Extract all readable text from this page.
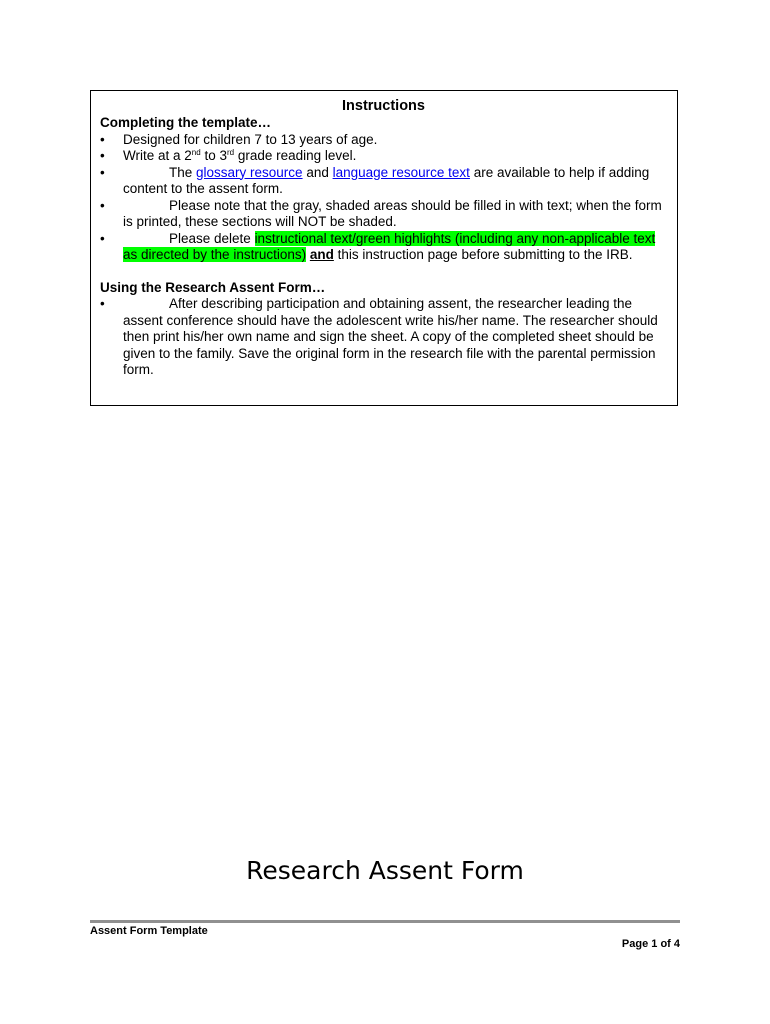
Instructions

Completing the template…

•	Designed for children 7 to 13 years of age.
•	Write at a 2nd to 3rd grade reading level.
•	The glossary resource and language resource text are available to help if adding content to the assent form.
•	Please note that the gray, shaded areas should be filled in with text; when the form is printed, these sections will NOT be shaded.
•	Please delete instructional text/green highlights (including any non-applicable text as directed by the instructions) and this instruction page before submitting to the IRB.

Using the Research Assent Form…

•	After describing participation and obtaining assent, the researcher leading the assent conference should have the adolescent write his/her name. The researcher should then print his/her own name and sign the sheet. A copy of the completed sheet should be given to the family. Save the original form in the research file with the parental permission form.
Research Assent Form
Assent Form Template
Page 1 of 4
